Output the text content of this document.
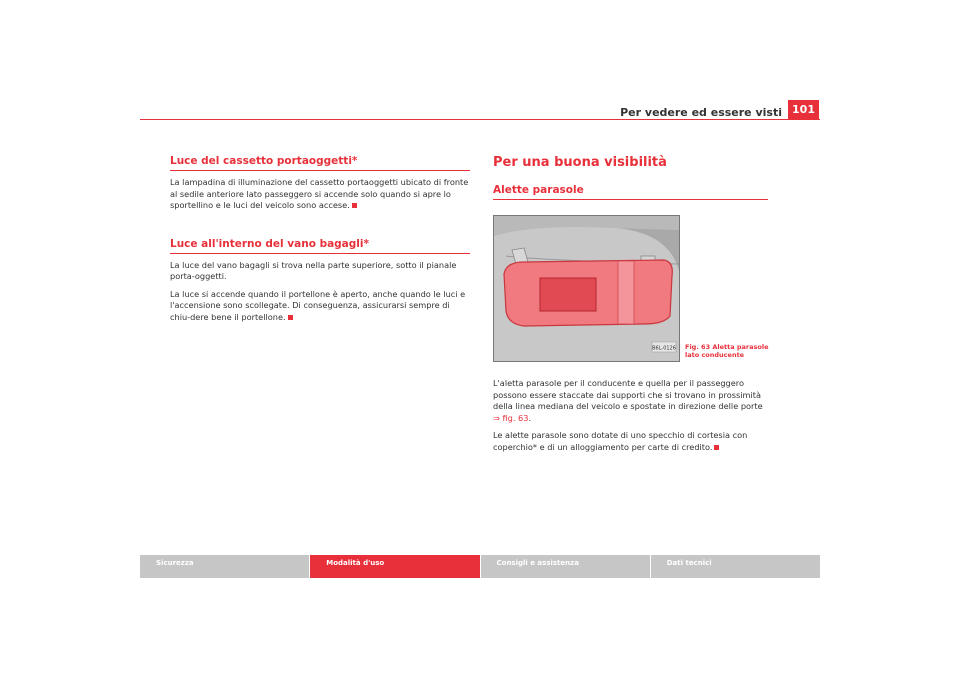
Per vedere ed essere visti 101
Luce del cassetto portaoggetti*

La lampadina di illuminazione del cassetto portaoggetti ubicato di fronte al sedile anteriore lato passeggero si accende solo quando si apre lo sportellino e le luci del veicolo sono accese.

Luce all'interno del vano bagagli*

La luce del vano bagagli si trova nella parte superiore, sotto il pianale porta-oggetti.

La luce si accende quando il portellone è aperto, anche quando le luci e l'accensione sono scollegate. Di conseguenza, assicurarsi sempre di chiu-dere bene il portellone.

Per una buona visibilità
Alette parasole
B6L-0126 Fig. 63 Aletta parasole
lato conducente

L'aletta parasole per il conducente e quella per il passeggero possono essere staccate dai supporti che si trovano in prossimità della linea mediana del veicolo e spostate in direzione delle porte ⇒ fig. 63.

Le alette parasole sono dotate di uno specchio di cortesia con coperchio* e di un alloggiamento per carte di credito.

Sicurezza	Modalità d'uso	Consigli e assistenza	Dati tecnici
